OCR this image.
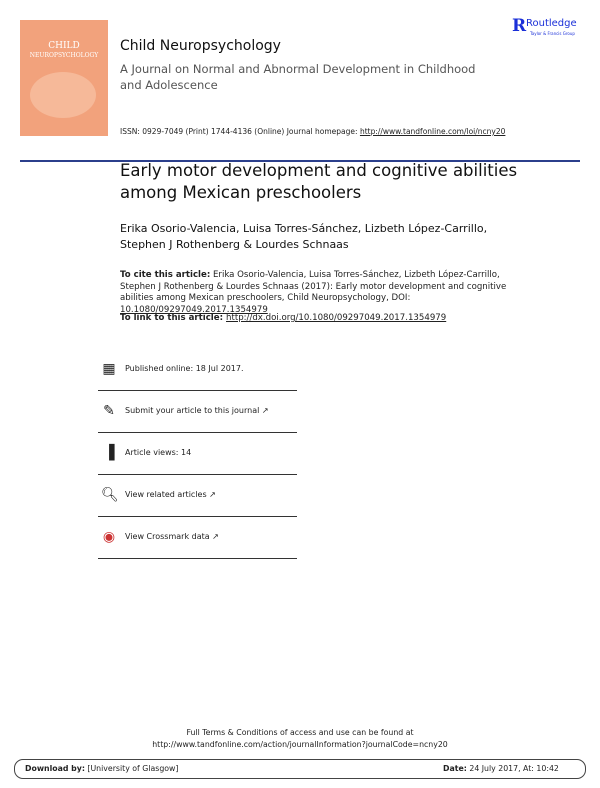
CHILD
NEUROPSYCHOLOGY
Child Neuropsychology
A Journal on Normal and Abnormal Development in Childhood and Adolescence
ISSN: 0929-7049 (Print) 1744-4136 (Online) Journal homepage: http://www.tandfonline.com/loi/ncny20
R Routledge
Taylor & Francis Group
Early motor development and cognitive abilities among Mexican preschoolers
Erika Osorio-Valencia, Luisa Torres-Sánchez, Lizbeth López-Carrillo, Stephen J Rothenberg & Lourdes Schnaas
To cite this article: Erika Osorio-Valencia, Luisa Torres-Sánchez, Lizbeth López-Carrillo, Stephen J Rothenberg & Lourdes Schnaas (2017): Early motor development and cognitive abilities among Mexican preschoolers, Child Neuropsychology, DOI: 10.1080/09297049.2017.1354979
To link to this article: http://dx.doi.org/10.1080/09297049.2017.1354979
▦ Published online: 18 Jul 2017.
✎ Submit your article to this journal ↗
▐	Article views: 14
🔍︎ View related articles ↗
◉ View Crossmark data ↗
Full Terms & Conditions of access and use can be found at
http://www.tandfonline.com/action/journalInformation?journalCode=ncny20
Download by: [University of Glasgow]	Date: 24 July 2017, At: 10:42
